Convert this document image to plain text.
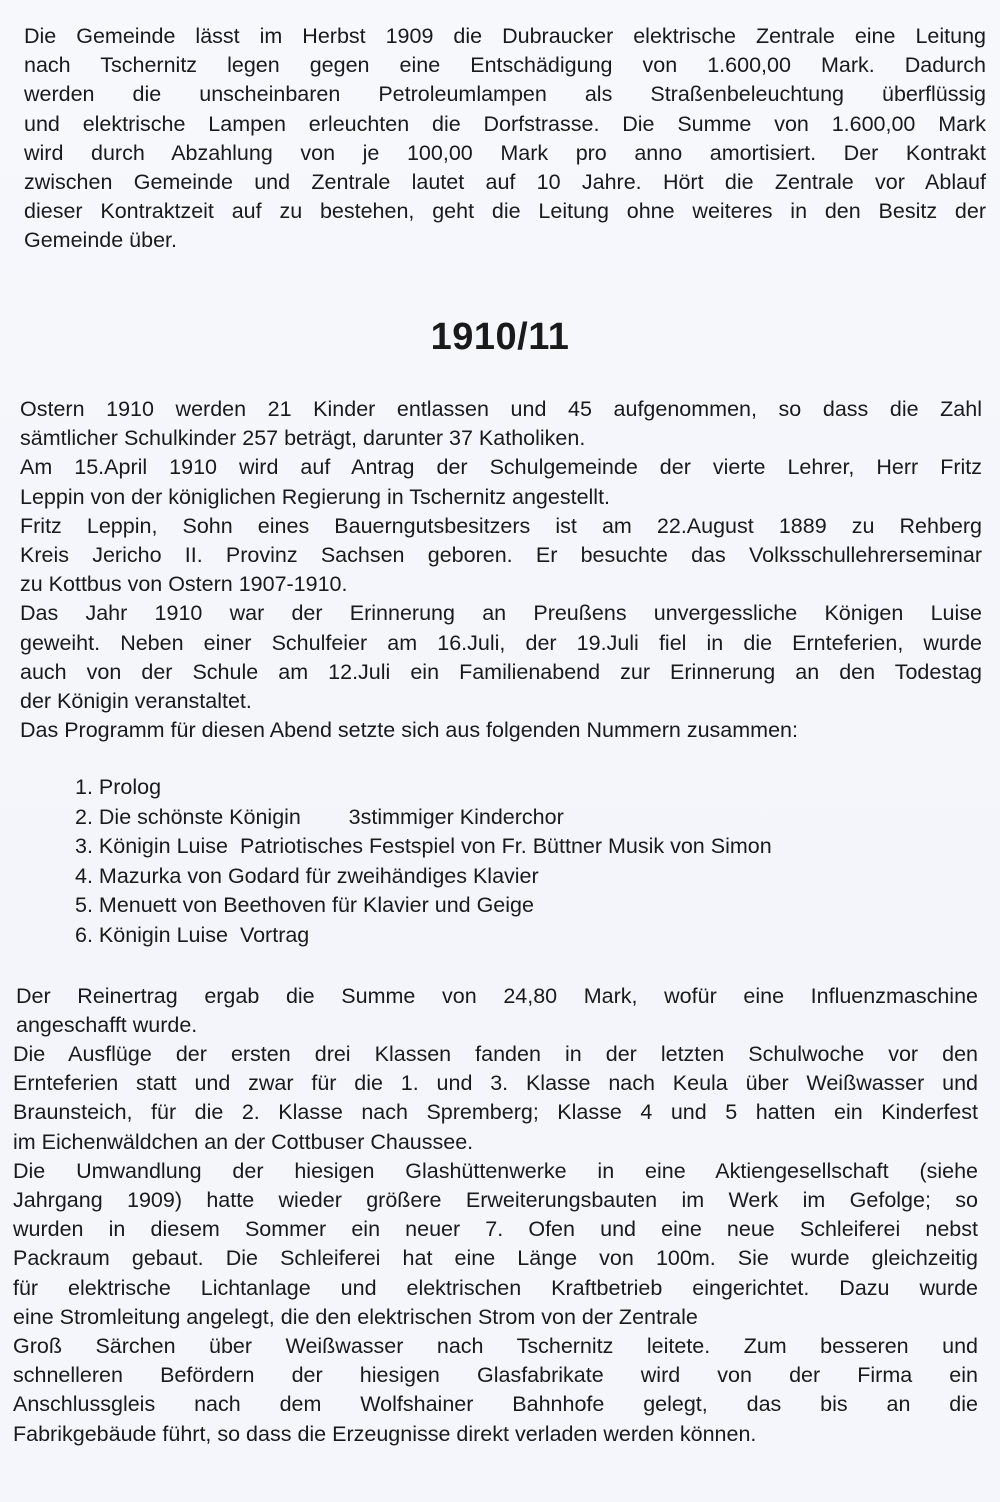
Die Gemeinde lässt im Herbst 1909 die Dubraucker elektrische Zentrale eine Leitung
nach Tschernitz legen gegen eine Entschädigung von 1.600,00 Mark. Dadurch
werden die unscheinbaren Petroleumlampen als Straßenbeleuchtung überflüssig
und elektrische Lampen erleuchten die Dorfstrasse. Die Summe von 1.600,00 Mark
wird durch Abzahlung von je 100,00 Mark pro anno amortisiert. Der Kontrakt
zwischen Gemeinde und Zentrale lautet auf 10 Jahre. Hört die Zentrale vor Ablauf
dieser Kontraktzeit auf zu bestehen, geht die Leitung ohne weiteres in den Besitz der
Gemeinde über.
1910/11
Ostern 1910 werden 21 Kinder entlassen und 45 aufgenommen, so dass die Zahl
sämtlicher Schulkinder 257 beträgt, darunter 37 Katholiken.
Am 15.April 1910 wird auf Antrag der Schulgemeinde der vierte Lehrer, Herr Fritz
Leppin von der königlichen Regierung in Tschernitz angestellt.
Fritz Leppin, Sohn eines Bauerngutsbesitzers ist am 22.August 1889 zu Rehberg
Kreis Jericho II. Provinz Sachsen geboren. Er besuchte das Volksschullehrerseminar
zu Kottbus von Ostern 1907-1910.
Das Jahr 1910 war der Erinnerung an Preußens unvergessliche Königen Luise
geweiht. Neben einer Schulfeier am 16.Juli, der 19.Juli fiel in die Ernteferien, wurde
auch von der Schule am 12.Juli ein Familienabend zur Erinnerung an den Todestag
der Königin veranstaltet.
Das Programm für diesen Abend setzte sich aus folgenden Nummern zusammen:
1. Prolog
2. Die schönste Königin        3stimmiger Kinderchor
3. Königin Luise  Patriotisches Festspiel von Fr. Büttner Musik von Simon
4. Mazurka von Godard für zweihändiges Klavier
5. Menuett von Beethoven für Klavier und Geige
6. Königin Luise  Vortrag
Der Reinertrag ergab die Summe von 24,80 Mark, wofür eine Influenzmaschine
angeschafft wurde.
Die Ausflüge der ersten drei Klassen fanden in der letzten Schulwoche vor den
Ernteferien statt und zwar für die 1. und 3. Klasse nach Keula über Weißwasser und
Braunsteich, für die 2. Klasse nach Spremberg; Klasse 4 und 5 hatten ein Kinderfest
im Eichenwäldchen an der Cottbuser Chaussee.
Die Umwandlung der hiesigen Glashüttenwerke in eine Aktiengesellschaft (siehe
Jahrgang 1909) hatte wieder größere Erweiterungsbauten im Werk im Gefolge; so
wurden in diesem Sommer ein neuer 7. Ofen und eine neue Schleiferei nebst
Packraum gebaut. Die Schleiferei hat eine Länge von 100m. Sie wurde gleichzeitig
für elektrische Lichtanlage und elektrischen Kraftbetrieb eingerichtet. Dazu wurde
eine Stromleitung angelegt, die den elektrischen Strom von der Zentrale
Groß Särchen über Weißwasser nach Tschernitz leitete. Zum besseren und
schnelleren Befördern der hiesigen Glasfabrikate wird von der Firma ein
Anschlussgleis nach dem Wolfshainer Bahnhofe gelegt, das bis an die
Fabrikgebäude führt, so dass die Erzeugnisse direkt verladen werden können.
